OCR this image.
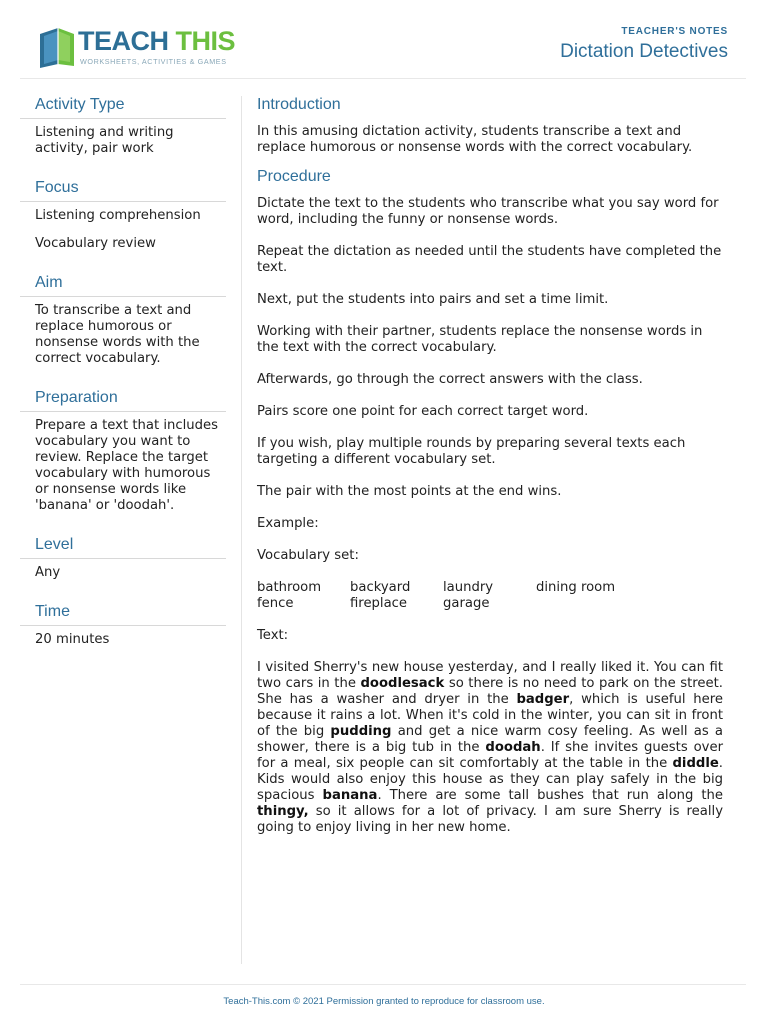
TEACH THIS
WORKSHEETS, ACTIVITIES & GAMES
TEACHER'S NOTES
Dictation Detectives
Activity Type

Listening and writing activity, pair work

Focus

Listening comprehension

Vocabulary review

Aim

To transcribe a text and replace humorous or nonsense words with the correct vocabulary.

Preparation

Prepare a text that includes vocabulary you want to review. Replace the target vocabulary with humorous or nonsense words like 'banana' or 'doodah'.

Level

Any

Time

20 minutes

Introduction

In this amusing dictation activity, students transcribe a text and replace humorous or nonsense words with the correct vocabulary.

Procedure

Dictate the text to the students who transcribe what you say word for word, including the funny or nonsense words.

Repeat the dictation as needed until the students have completed the text.

Next, put the students into pairs and set a time limit.

Working with their partner, students replace the nonsense words in the text with the correct vocabulary.

Afterwards, go through the correct answers with the class.

Pairs score one point for each correct target word.

If you wish, play multiple rounds by preparing several texts each targeting a different vocabulary set.

The pair with the most points at the end wins.

Example:

Vocabulary set:

bathroom	backyard	laundry	dining room
fence	fireplace	garage

Text:

I visited Sherry's new house yesterday, and I really liked it. You can fit two cars in the doodlesack so there is no need to park on the street. She has a washer and dryer in the badger, which is useful here because it rains a lot. When it's cold in the winter, you can sit in front of the big pudding and get a nice warm cosy feeling. As well as a shower, there is a big tub in the doodah. If she invites guests over for a meal, six people can sit comfortably at the table in the diddle. Kids would also enjoy this house as they can play safely in the big spacious banana. There are some tall bushes that run along the thingy, so it allows for a lot of privacy. I am sure Sherry is really going to enjoy living in her new home.

Teach-This.com © 2021 Permission granted to reproduce for classroom use.
